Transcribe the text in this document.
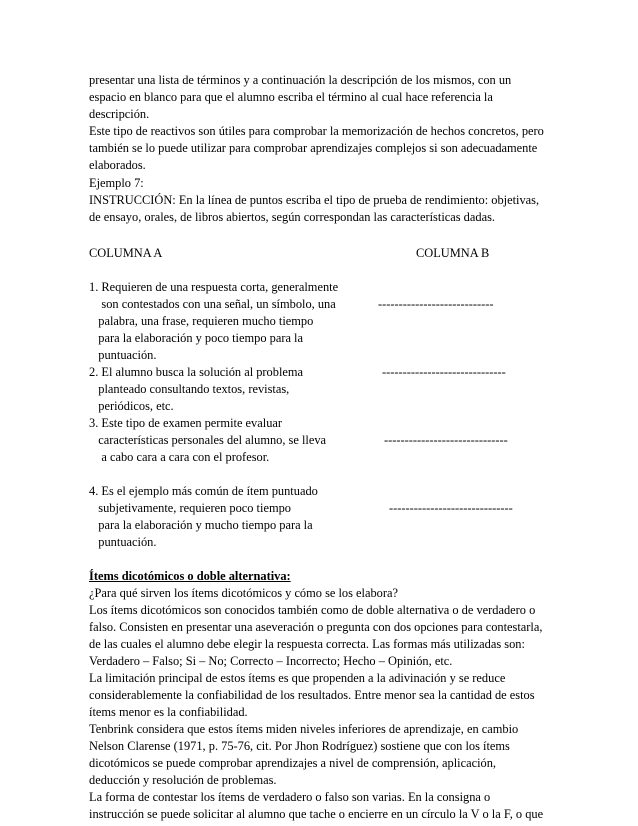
presentar una lista de términos y a continuación la descripción de los mismos, con un
espacio en blanco para que el alumno escriba el término al cual hace referencia la
descripción.
Este tipo de reactivos son útiles para comprobar la memorización de hechos concretos, pero
también se lo puede utilizar para comprobar aprendizajes complejos si son adecuadamente
elaborados.
Ejemplo 7:
INSTRUCCIÓN: En la línea de puntos escriba el tipo de prueba de rendimiento: objetivas,
de ensayo, orales, de libros abiertos, según correspondan las características dadas.
COLUMNA A	COLUMNA B
1. Requieren de una respuesta corta, generalmente
son contestados con una señal, un símbolo, una
palabra, una frase, requieren mucho tiempo
para la elaboración y poco tiempo para la
puntuación.
----------------------------
2. El alumno busca la solución al problema
planteado consultando textos, revistas,
periódicos, etc.
------------------------------
3. Este tipo de examen permite evaluar
características personales del alumno, se lleva
a cabo cara a cara con el profesor.
------------------------------
4. Es el ejemplo más común de ítem puntuado
subjetivamente, requieren poco tiempo
para la elaboración y mucho tiempo para la
puntuación.
------------------------------
Ítems dicotómicos o doble alternativa:
¿Para qué sirven los ítems dicotómicos y cómo se los elabora?
Los ítems dicotómicos son conocidos también como de doble alternativa o de verdadero o
falso. Consisten en presentar una aseveración o pregunta con dos opciones para contestarla,
de las cuales el alumno debe elegir la respuesta correcta. Las formas más utilizadas son:
Verdadero – Falso; Si – No; Correcto – Incorrecto; Hecho – Opinión, etc.
La limitación principal de estos ítems es que propenden a la adivinación y se reduce
considerablemente la confiabilidad de los resultados. Entre menor sea la cantidad de estos
ítems menor es la confiabilidad.
Tenbrink considera que estos ítems miden niveles inferiores de aprendizaje, en cambio
Nelson Clarense (1971, p. 75-76, cit. Por Jhon Rodríguez) sostiene que con los ítems
dicotómicos se puede comprobar aprendizajes a nivel de comprensión, aplicación,
deducción y resolución de problemas.
La forma de contestar los ítems de verdadero o falso son varias. En la consigna o
instrucción se puede solicitar al alumno que tache o encierre en un círculo la V o la F, o que
